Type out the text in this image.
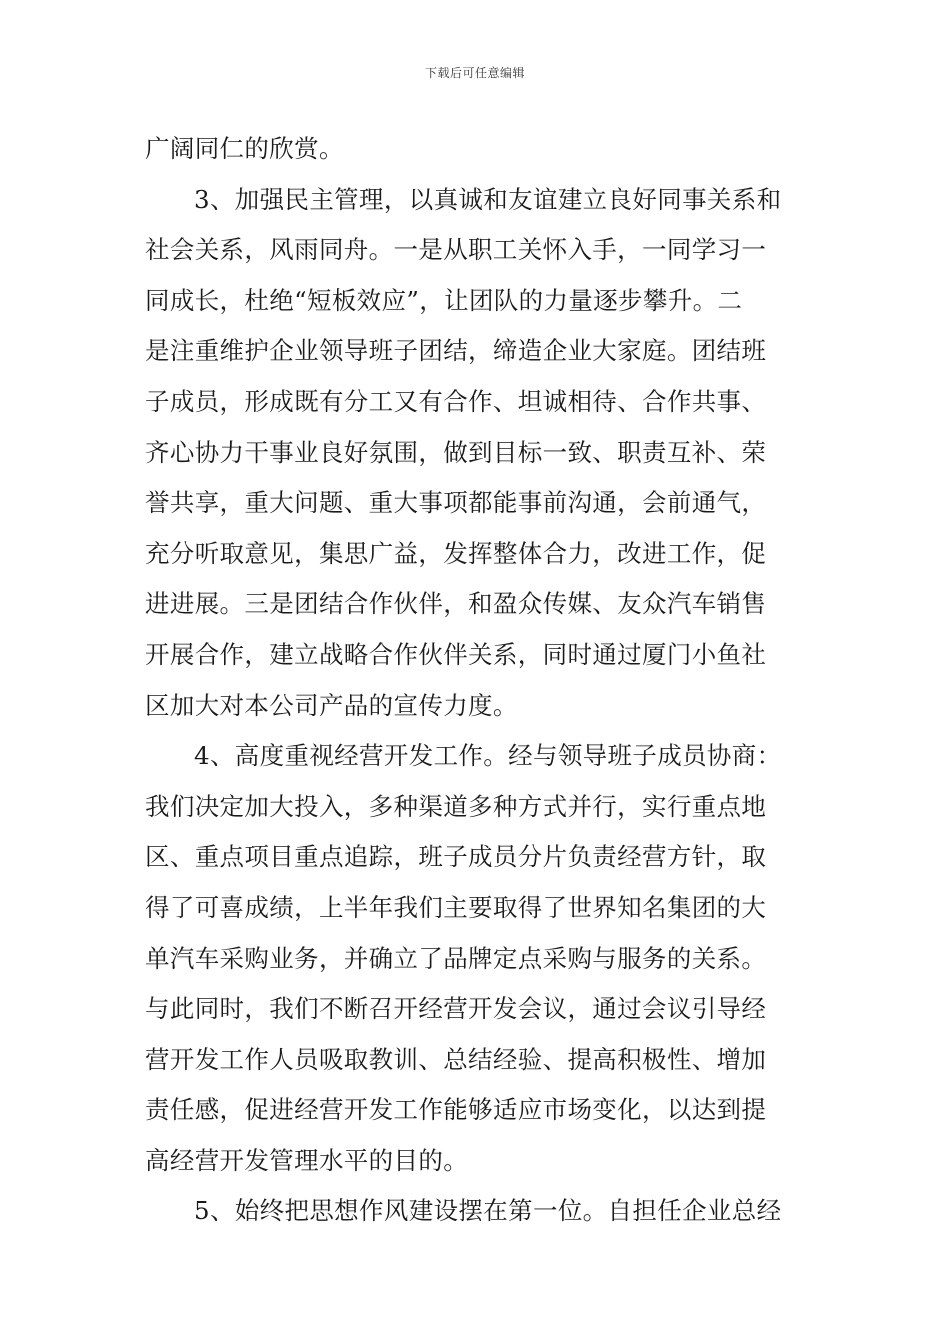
下载后可任意编辑
广阔同仁的欣赏。
3、加强民主管理，以真诚和友谊建立良好同事关系和
社会关系，风雨同舟。一是从职工关怀入手，一同学习一
同成长，杜绝“短板效应”，让团队的力量逐步攀升。二
是注重维护企业领导班子团结，缔造企业大家庭。团结班
子成员，形成既有分工又有合作、坦诚相待、合作共事、
齐心协力干事业良好氛围，做到目标一致、职责互补、荣
誉共享，重大问题、重大事项都能事前沟通，会前通气，
充分听取意见，集思广益，发挥整体合力，改进工作，促
进进展。三是团结合作伙伴，和盈众传媒、友众汽车销售
开展合作，建立战略合作伙伴关系，同时通过厦门小鱼社
区加大对本公司产品的宣传力度。
4、高度重视经营开发工作。经与领导班子成员协商：
我们决定加大投入，多种渠道多种方式并行，实行重点地
区、重点项目重点追踪，班子成员分片负责经营方针，取
得了可喜成绩，上半年我们主要取得了世界知名集团的大
单汽车采购业务，并确立了品牌定点采购与服务的关系。
与此同时，我们不断召开经营开发会议，通过会议引导经
营开发工作人员吸取教训、总结经验、提高积极性、增加
责任感，促进经营开发工作能够适应市场变化，以达到提
高经营开发管理水平的目的。
5、始终把思想作风建设摆在第一位。自担任企业总经
